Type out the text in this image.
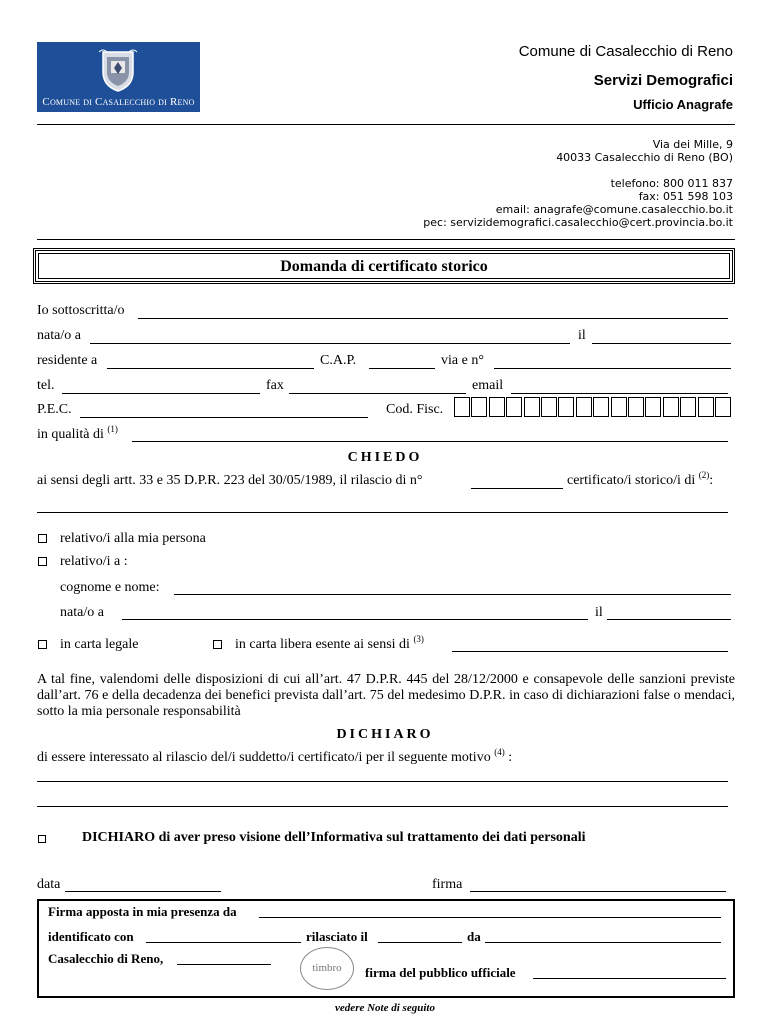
Comune di Casalecchio di Reno
Comune di Casalecchio di Reno
Servizi Demografici
Ufficio Anagrafe
Via dei Mille, 9
40033 Casalecchio di Reno (BO)
telefono: 800 011 837
fax: 051 598 103
email: anagrafe@comune.casalecchio.bo.it
pec: servizidemografici.casalecchio@cert.provincia.bo.it
Domanda di certificato storico
Io sottoscritta/o
nata/o a	il
residente a	C.A.P.	via e n°
tel.	fax	email
P.E.C.	Cod. Fisc.
in qualità di $^{(1)}$
CHIEDO
ai sensi degli artt. 33 e 35 D.P.R. 223 del 30/05/1989, il rilascio di n°	certificato/i storico/i di $^{(2)}$:
relativo/i alla mia persona
relativo/i a :
cognome e nome:
nata/o a	il
in carta legale	in carta libera esente ai sensi di $^{(3)}$
A tal fine, valendomi delle disposizioni di cui all’art. 47 D.P.R. 445 del 28/12/2000 e consapevole delle sanzioni previste dall’art. 76 e della decadenza dei benefici prevista dall’art. 75 del medesimo D.P.R. in caso di dichiarazioni false o mendaci, sotto la mia personale responsabilità
DICHIARO
di essere interessato al rilascio del/i suddetto/i certificato/i per il seguente motivo $^{(4)}$ :
DICHIARO di aver preso visione dell’Informativa sul trattamento dei dati personali
data	firma
Firma apposta in mia presenza da
identificato con	rilasciato il	da
Casalecchio di Reno,
timbro	firma del pubblico ufficiale
vedere Note di seguito
